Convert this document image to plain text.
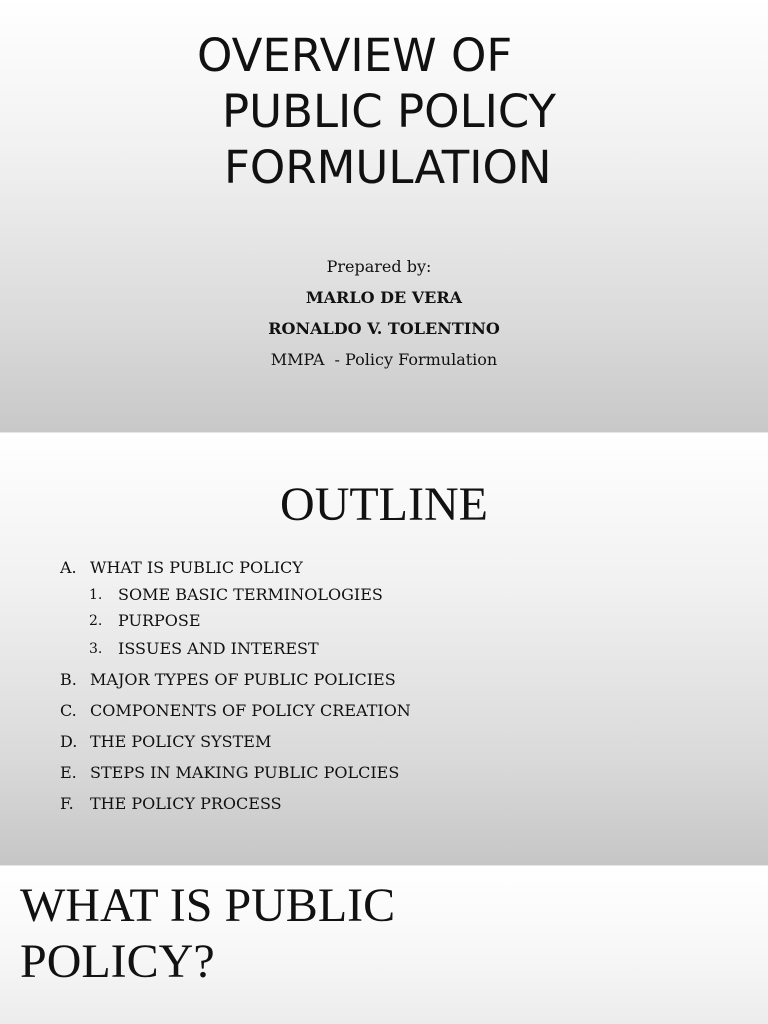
OVERVIEW OF
PUBLIC POLICY
FORMULATION
Prepared by:
MARLO DE VERA
RONALDO V. TOLENTINO
MMPA  - Policy Formulation
OUTLINE
A. WHAT IS PUBLIC POLICY
1. SOME BASIC TERMINOLOGIES
2. PURPOSE
3. ISSUES AND INTEREST
B. MAJOR TYPES OF PUBLIC POLICIES
C. COMPONENTS OF POLICY CREATION
D. THE POLICY SYSTEM
E. STEPS IN MAKING PUBLIC POLCIES
F. THE POLICY PROCESS
WHAT IS PUBLIC
POLICY?
